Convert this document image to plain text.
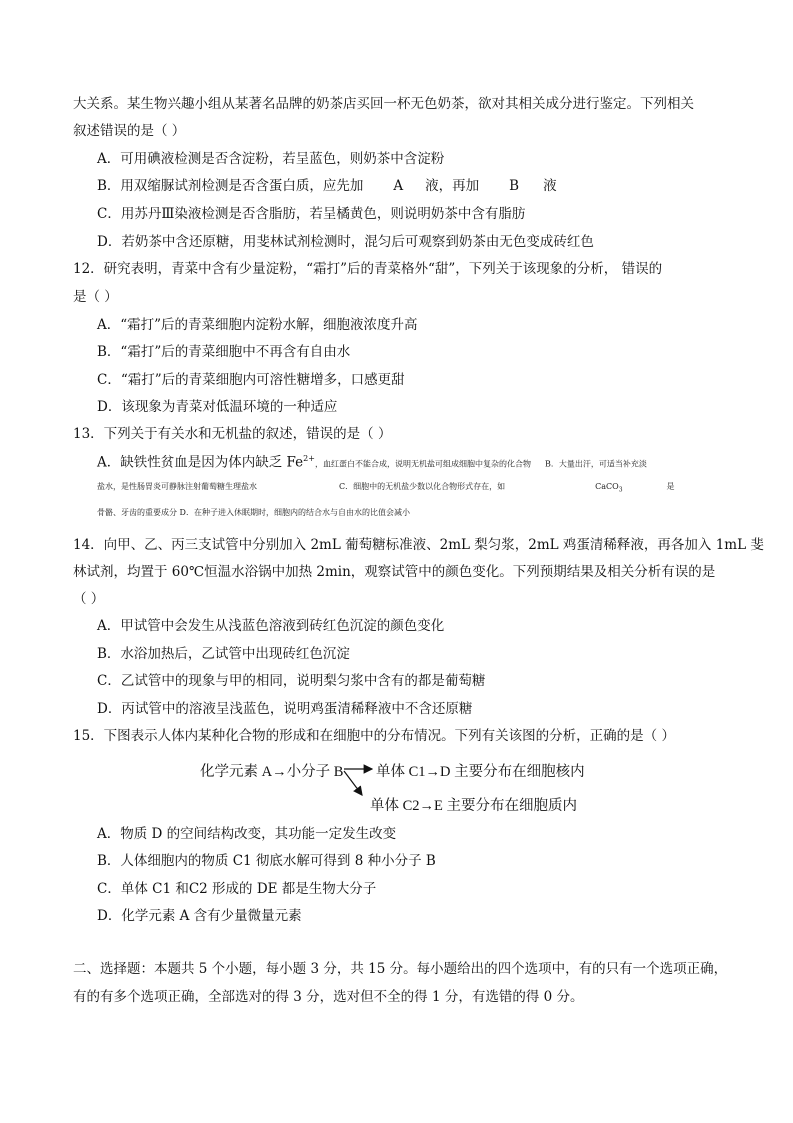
大关系。某生物兴趣小组从某著名品牌的奶茶店买回一杯无色奶茶，欲对其相关成分进行鉴定。下列相关
叙述错误的是（ ）
A．可用碘液检测是否含淀粉，若呈蓝色，则奶茶中含淀粉
B．用双缩脲试剂检测是否含蛋白质，应先加 A 液，再加 B 液
C．用苏丹Ⅲ染液检测是否含脂肪，若呈橘黄色，则说明奶茶中含有脂肪
D．若奶茶中含还原糖，用斐林试剂检测时，混匀后可观察到奶茶由无色变成砖红色
12．研究表明，青菜中含有少量淀粉，“霜打”后的青菜格外“甜”，下列关于该现象的分析， 错误的
是（ ）
A．“霜打”后的青菜细胞内淀粉水解，细胞液浓度升高
B．“霜打”后的青菜细胞中不再含有自由水
C．“霜打”后的青菜细胞内可溶性糖增多，口感更甜
D．该现象为青菜对低温环境的一种适应
13．下列关于有关水和无机盐的叙述，错误的是（ ）
A．缺铁性贫血是因为体内缺乏 $Fe^{2+}$，血红蛋白不能合成，说明无机盐可组成细胞中复杂的化合物 B．大量出汗，可适当补充淡
盐水，是性肠胃炎可静脉注射葡萄糖生理盐水	C．细胞中的无机盐少数以化合物形式存在，如	CaCO$_3$	是
骨骼、牙齿的重要成分 D．在种子进入休眠期时，细胞内的结合水与自由水的比值会减小
14．向甲、乙、丙三支试管中分别加入 2mL 葡萄糖标准液、2mL 梨匀浆，2mL 鸡蛋清稀释液，再各加入 1mL 斐
林试剂，均置于 60℃恒温水浴锅中加热 2min，观察试管中的颜色变化。下列预期结果及相关分析有误的是
（ ）
A．甲试管中会发生从浅蓝色溶液到砖红色沉淀的颜色变化
B．水浴加热后，乙试管中出现砖红色沉淀
C．乙试管中的现象与甲的相同，说明梨匀浆中含有的都是葡萄糖
D．丙试管中的溶液呈浅蓝色，说明鸡蛋清稀释液中不含还原糖
15．下图表示人体内某种化合物的形成和在细胞中的分布情况。下列有关该图的分析，正确的是（ ）
化学元素 A→小分子 B 单体 C1→D 主要分布在细胞核内
单体 C2→E 主要分布在细胞质内
A．物质 D 的空间结构改变，其功能一定发生改变
B．人体细胞内的物质 C1 彻底水解可得到 8 种小分子 B
C．单体 C1 和C2 形成的 DE 都是生物大分子
D．化学元素 A 含有少量微量元素
二、选择题：本题共 5 个小题，每小题 3 分，共 15 分。每小题给出的四个选项中，有的只有一个选项正确，
有的有多个选项正确，全部选对的得 3 分，选对但不全的得 1 分，有选错的得 0 分。
